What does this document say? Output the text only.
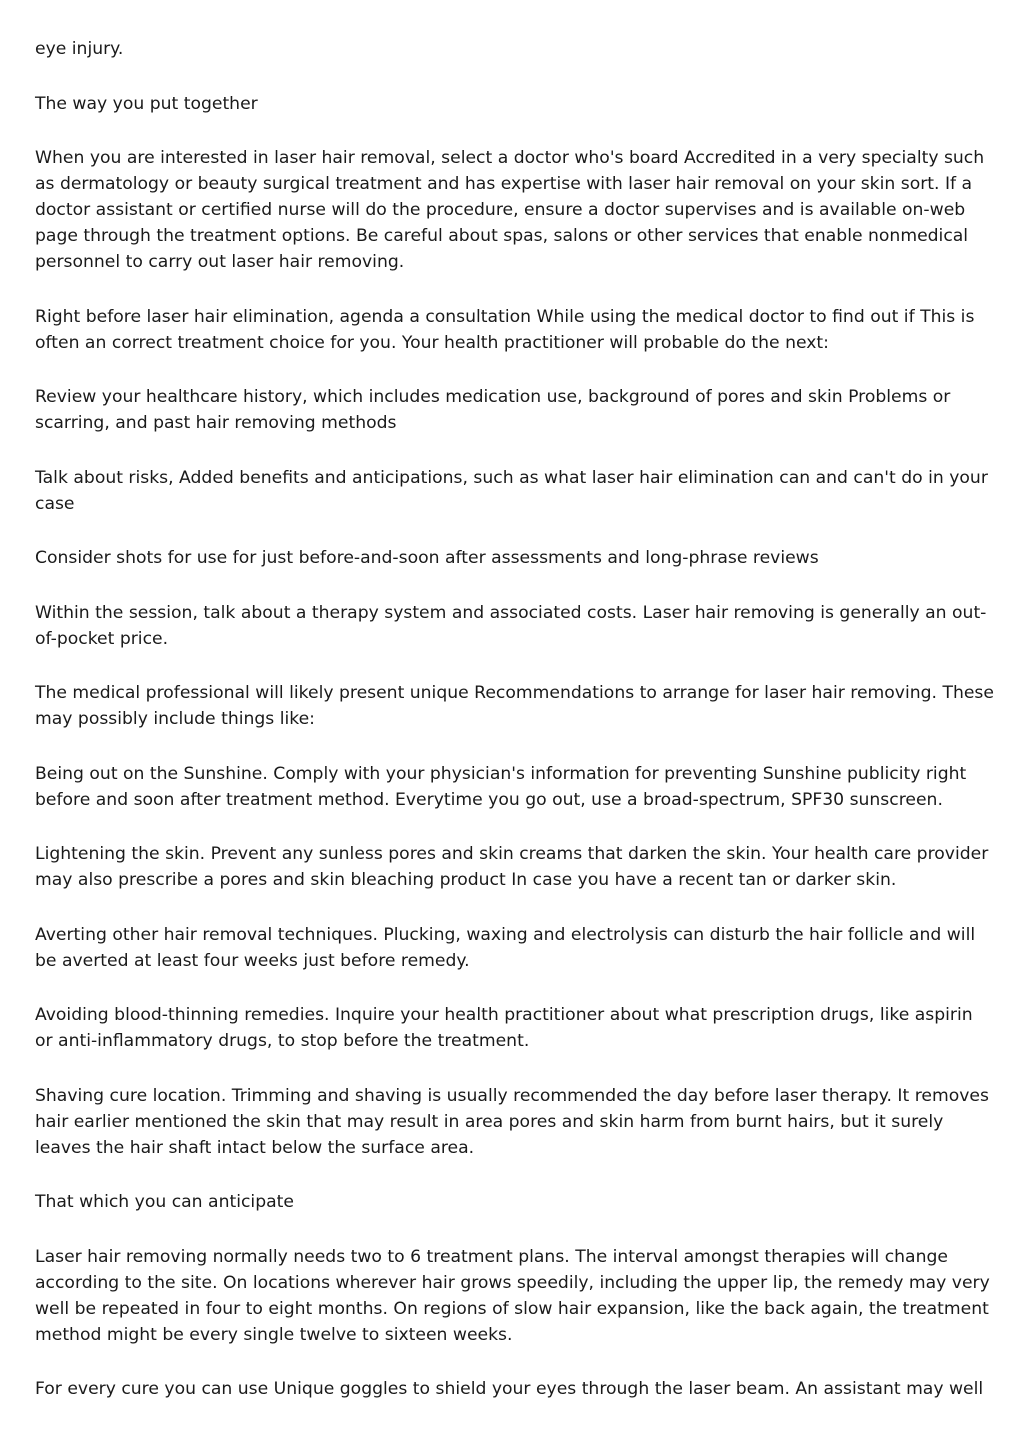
eye injury.

The way you put together

When you are interested in laser hair removal, select a doctor who's board Accredited in a very specialty such as dermatology or beauty surgical treatment and has expertise with laser hair removal on your skin sort. If a doctor assistant or certified nurse will do the procedure, ensure a doctor supervises and is available on-web page through the treatment options. Be careful about spas, salons or other services that enable nonmedical personnel to carry out laser hair removing.

Right before laser hair elimination, agenda a consultation While using the medical doctor to find out if This is often an correct treatment choice for you. Your health practitioner will probable do the next:

Review your healthcare history, which includes medication use, background of pores and skin Problems or scarring, and past hair removing methods

Talk about risks, Added benefits and anticipations, such as what laser hair elimination can and can't do in your case

Consider shots for use for just before-and-soon after assessments and long-phrase reviews

Within the session, talk about a therapy system and associated costs. Laser hair removing is generally an out-of-pocket price.

The medical professional will likely present unique Recommendations to arrange for laser hair removing. These may possibly include things like:

Being out on the Sunshine. Comply with your physician's information for preventing Sunshine publicity right before and soon after treatment method. Everytime you go out, use a broad-spectrum, SPF30 sunscreen.

Lightening the skin. Prevent any sunless pores and skin creams that darken the skin. Your health care provider may also prescribe a pores and skin bleaching product In case you have a recent tan or darker skin.

Averting other hair removal techniques. Plucking, waxing and electrolysis can disturb the hair follicle and will be averted at least four weeks just before remedy.

Avoiding blood-thinning remedies. Inquire your health practitioner about what prescription drugs, like aspirin or anti-inflammatory drugs, to stop before the treatment.

Shaving cure location. Trimming and shaving is usually recommended the day before laser therapy. It removes hair earlier mentioned the skin that may result in area pores and skin harm from burnt hairs, but it surely leaves the hair shaft intact below the surface area.

That which you can anticipate

Laser hair removing normally needs two to 6 treatment plans. The interval amongst therapies will change according to the site. On locations wherever hair grows speedily, including the upper lip, the remedy may very well be repeated in four to eight months. On regions of slow hair expansion, like the back again, the treatment method might be every single twelve to sixteen weeks.

For every cure you can use Unique goggles to shield your eyes through the laser beam. An assistant may well
